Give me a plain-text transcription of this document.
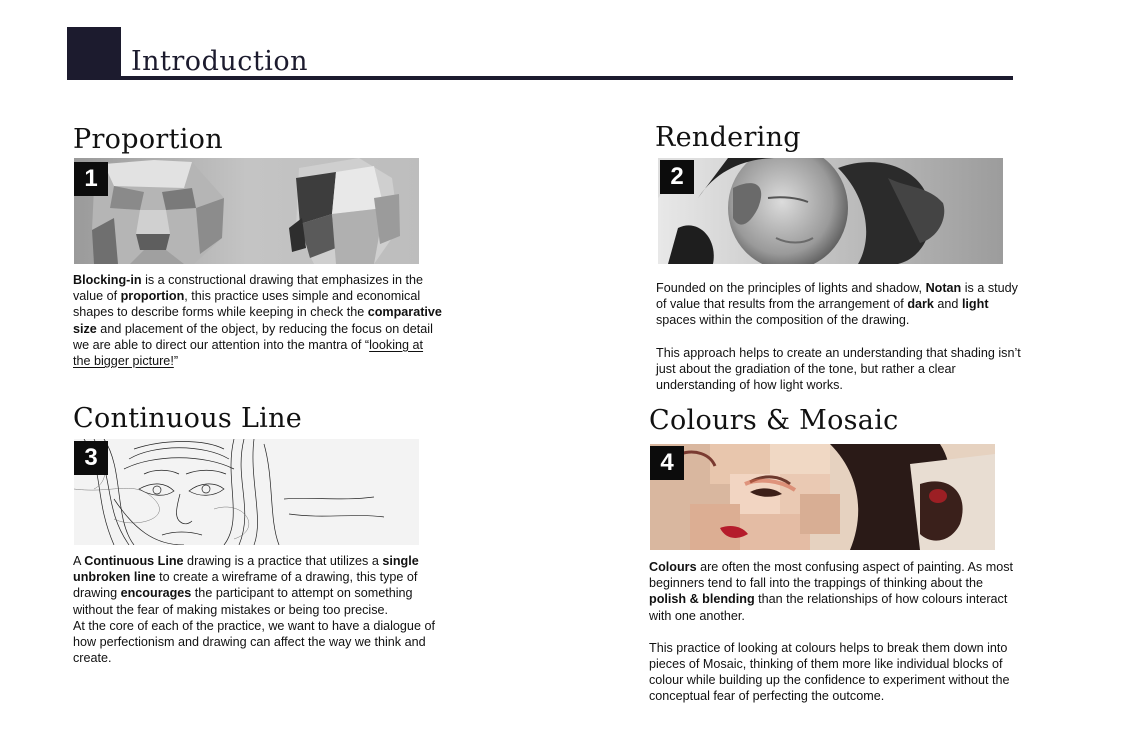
Introduction
Proportion
1

Blocking-in is a constructional drawing that emphasizes in the value of proportion, this practice uses simple and economical shapes to describe forms while keeping in check the comparative size and placement of the object, by reducing the focus on detail we are able to direct our attention into the mantra of “looking at the bigger picture!”

Rendering
2

Founded on the principles of lights and shadow, Notan is a study of value that results from the arrangement of dark and light spaces within the composition of the drawing.

This approach helps to create an understanding that shading isn’t just about the gradiation of the tone, but rather a clear understanding of how light works.

Continuous Line
3

A Continuous Line drawing is a practice that utilizes a single unbroken line to create a wireframe of a drawing, this type of drawing encourages the participant to attempt on something without the fear of making mistakes or being too precise.
At the core of each of the practice, we want to have a dialogue of how perfectionism and drawing can affect the way we think and create.

Colours & Mosaic
4

Colours are often the most confusing aspect of painting. As most beginners tend to fall into the trappings of thinking about the polish & blending than the relationships of how colours interact with one another.

This practice of looking at colours helps to break them down into pieces of Mosaic, thinking of them more like individual blocks of colour while building up the confidence to experiment without the conceptual fear of perfecting the outcome.
